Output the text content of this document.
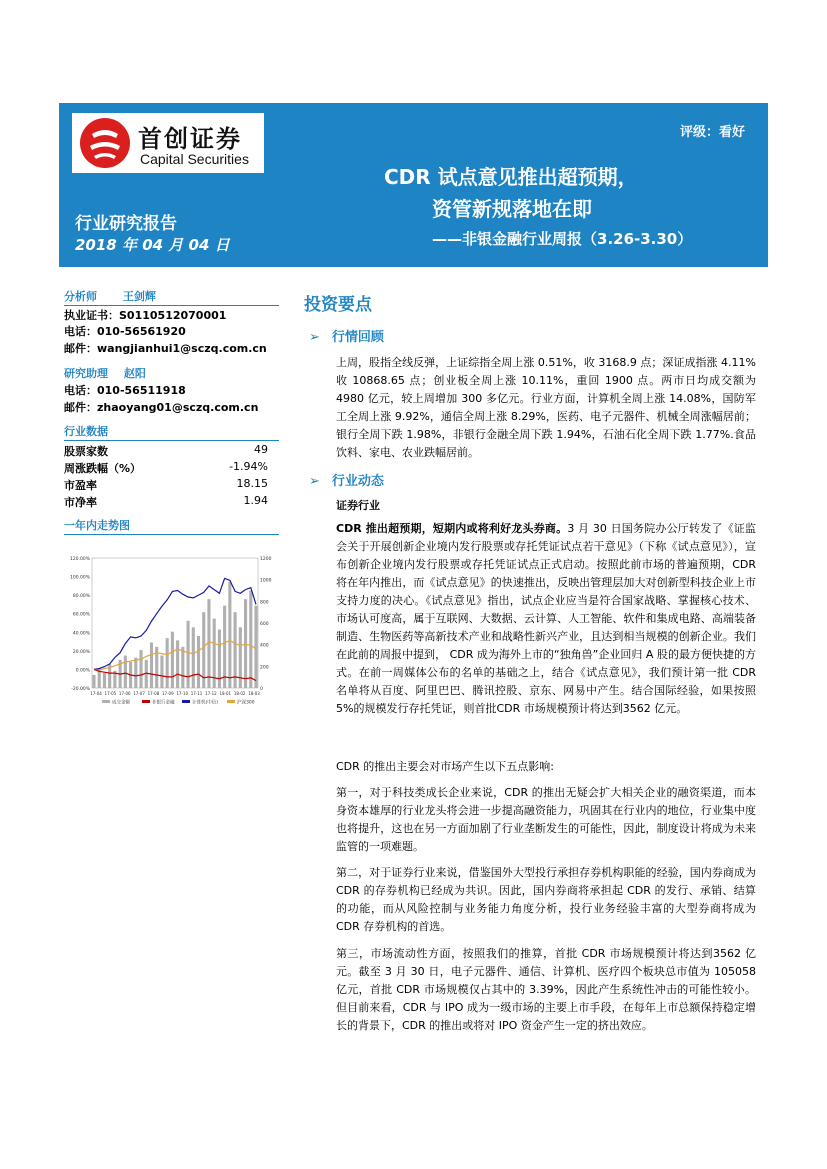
首创证券
Capital Securities
评级：看好
CDR 试点意见推出超预期，
资管新规落地在即
——非银金融行业周报（3.26-3.30）
行业研究报告
2018 年 04 月 04 日
分析师 王剑辉
执业证书：S0110512070001
电话：010-56561920
邮件：wangjianhui1@sczq.com.cn
研究助理 赵阳
电话：010-56511918
邮件：zhaoyang01@sczq.com.cn
行业数据
股票家数	49
周涨跌幅（%）	-1.94%
市盈率	18.15
市净率	1.94
一年内走势图
120.00%
100.00%
80.00%
60.00%
40.00%
20.00%
0.00%
-20.00%
1200
1000
800
600
400
200
0
17-04 17-05 17-06 17-07 17-08 17-09 17-10 17-11 17-12 18-01 18-02 18-03
成交金额	非银行金融	计算机(中信)	沪深300
投资要点
➢ 行情回顾
上周，股指全线反弹，上证综指全周上涨 0.51%，收 3168.9 点；深证成指涨 4.11%收 10868.65 点；创业板全周上涨 10.11%，重回 1900 点。两市日均成交额为 4980 亿元，较上周增加 300 多亿元。行业方面，计算机全周上涨 14.08%，国防军工全周上涨 9.92%，通信全周上涨 8.29%，医药、电子元器件、机械全周涨幅居前；银行全周下跌 1.98%，非银行金融全周下跌 1.94%，石油石化全周下跌 1.77%.食品饮料、家电、农业跌幅居前。
➢ 行业动态
证券行业
CDR 推出超预期，短期内或将利好龙头券商。3 月 30 日国务院办公厅转发了《证监会关于开展创新企业境内发行股票或存托凭证试点若干意见》（下称《试点意见》），宣布创新企业境内发行股票或存托凭证试点正式启动。按照此前市场的普遍预期，CDR 将在年内推出，而《试点意见》的快速推出，反映出管理层加大对创新型科技企业上市支持力度的决心。《试点意见》指出，试点企业应当是符合国家战略、掌握核心技术、市场认可度高，属于互联网、大数据、云计算、人工智能、软件和集成电路、高端装备制造、生物医药等高新技术产业和战略性新兴产业，且达到相当规模的创新企业。我们在此前的周报中提到， CDR 成为海外上市的“独角兽”企业回归 A 股的最方便快捷的方式。在前一周媒体公布的名单的基础之上，结合《试点意见》，我们预计第一批 CDR 名单将从百度、阿里巴巴、腾讯控股、京东、网易中产生。结合国际经验，如果按照 5%的规模发行存托凭证，则首批CDR 市场规模预计将达到3562 亿元。
CDR 的推出主要会对市场产生以下五点影响:
第一，对于科技类成长企业来说，CDR 的推出无疑会扩大相关企业的融资渠道，而本身资本雄厚的行业龙头将会进一步提高融资能力，巩固其在行业内的地位，行业集中度也将提升，这也在另一方面加剧了行业垄断发生的可能性，因此，制度设计将成为未来监管的一项难题。
第二，对于证券行业来说，借鉴国外大型投行承担存券机构职能的经验，国内券商成为 CDR 的存券机构已经成为共识。因此，国内券商将承担起 CDR 的发行、承销、结算的功能，而从风险控制与业务能力角度分析，投行业务经验丰富的大型券商将成为 CDR 存券机构的首选。
第三，市场流动性方面，按照我们的推算，首批 CDR 市场规模预计将达到3562 亿元。截至 3 月 30 日，电子元器件、通信、计算机、医疗四个板块总市值为 105058 亿元，首批 CDR 市场规模仅占其中的 3.39%，因此产生系统性冲击的可能性较小。但目前来看，CDR 与 IPO 成为一级市场的主要上市手段，在每年上市总额保持稳定增长的背景下，CDR 的推出或将对 IPO 资金产生一定的挤出效应。
